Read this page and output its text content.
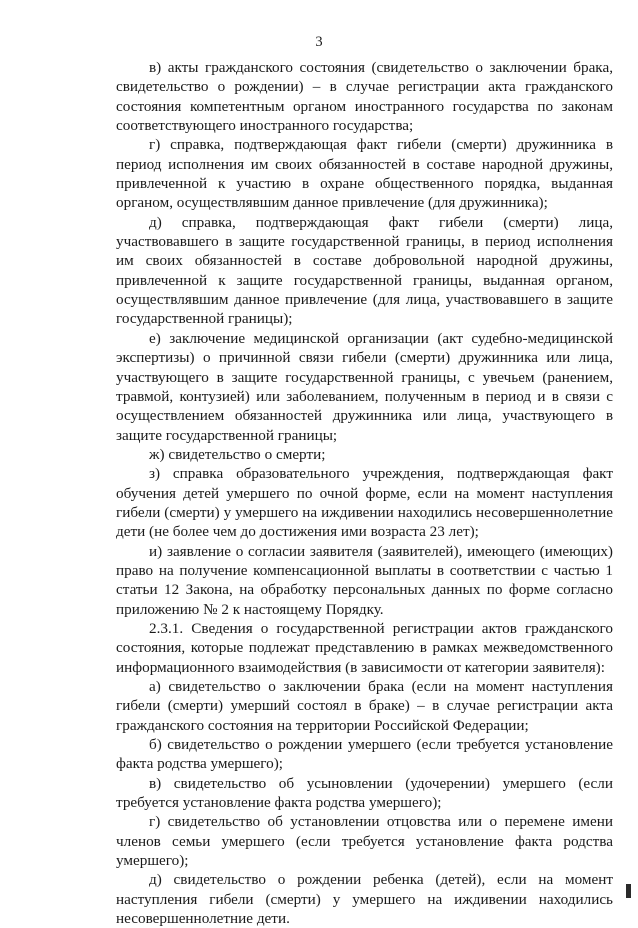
3

в) акты гражданского состояния (свидетельство о заключении брака, свидетельство о рождении) – в случае регистрации акта гражданского состояния компетентным органом иностранного государства по законам соответствующего иностранного государства;

г) справка, подтверждающая факт гибели (смерти) дружинника в период исполнения им своих обязанностей в составе народной дружины, привлеченной к участию в охране общественного порядка, выданная органом, осуществлявшим данное привлечение (для дружинника);

д) справка, подтверждающая факт гибели (смерти) лица, участвовавшего в защите государственной границы, в период исполнения им своих обязанностей в составе добровольной народной дружины, привлеченной к защите государственной границы, выданная органом, осуществлявшим данное привлечение (для лица, участвовавшего в защите государственной границы);

е) заключение медицинской организации (акт судебно-медицинской экспертизы) о причинной связи гибели (смерти) дружинника или лица, участвующего в защите государственной границы, с увечьем (ранением, травмой, контузией) или заболеванием, полученным в период и в связи с осуществлением обязанностей дружинника или лица, участвующего в защите государственной границы;

ж) свидетельство о смерти;

з) справка образовательного учреждения, подтверждающая факт обучения детей умершего по очной форме, если на момент наступления гибели (смерти) у умершего на иждивении находились несовершеннолетние дети (не более чем до достижения ими возраста 23 лет);

и) заявление о согласии заявителя (заявителей), имеющего (имеющих) право на получение компенсационной выплаты в соответствии с частью 1 статьи 12 Закона, на обработку персональных данных по форме согласно приложению № 2 к настоящему Порядку.

2.3.1. Сведения о государственной регистрации актов гражданского состояния, которые подлежат представлению в рамках межведомственного информационного взаимодействия (в зависимости от категории заявителя):

а) свидетельство о заключении брака (если на момент наступления гибели (смерти) умерший состоял в браке) – в случае регистрации акта гражданского состояния на территории Российской Федерации;

б) свидетельство о рождении умершего (если требуется установление факта родства умершего);

в) свидетельство об усыновлении (удочерении) умершего (если требуется установление факта родства умершего);

г) свидетельство об установлении отцовства или о перемене имени членов семьи умершего (если требуется установление факта родства умершего);

д) свидетельство о рождении ребенка (детей), если на момент наступления гибели (смерти) у умершего на иждивении находились несовершеннолетние дети.
